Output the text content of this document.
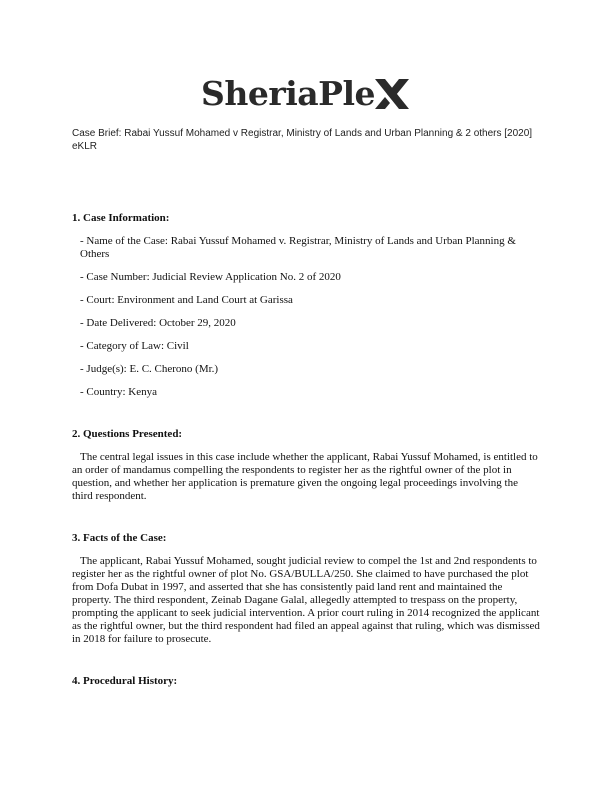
SheriaPle
Case Brief: Rabai Yussuf Mohamed v Registrar, Ministry of Lands and Urban Planning & 2 others [2020] eKLR

1. Case Information:

- Name of the Case: Rabai Yussuf Mohamed v. Registrar, Ministry of Lands and Urban Planning & Others

- Case Number: Judicial Review Application No. 2 of 2020

- Court: Environment and Land Court at Garissa

- Date Delivered: October 29, 2020

- Category of Law: Civil

- Judge(s): E. C. Cherono (Mr.)

- Country: Kenya

2. Questions Presented:

The central legal issues in this case include whether the applicant, Rabai Yussuf Mohamed, is entitled to an order of mandamus compelling the respondents to register her as the rightful owner of the plot in question, and whether her application is premature given the ongoing legal proceedings involving the third respondent.

3. Facts of the Case:

The applicant, Rabai Yussuf Mohamed, sought judicial review to compel the 1st and 2nd respondents to register her as the rightful owner of plot No. GSA/BULLA/250. She claimed to have purchased the plot from Dofa Dubat in 1997, and asserted that she has consistently paid land rent and maintained the property. The third respondent, Zeinab Dagane Galal, allegedly attempted to trespass on the property, prompting the applicant to seek judicial intervention. A prior court ruling in 2014 recognized the applicant as the rightful owner, but the third respondent had filed an appeal against that ruling, which was dismissed in 2018 for failure to prosecute.

4. Procedural History:
